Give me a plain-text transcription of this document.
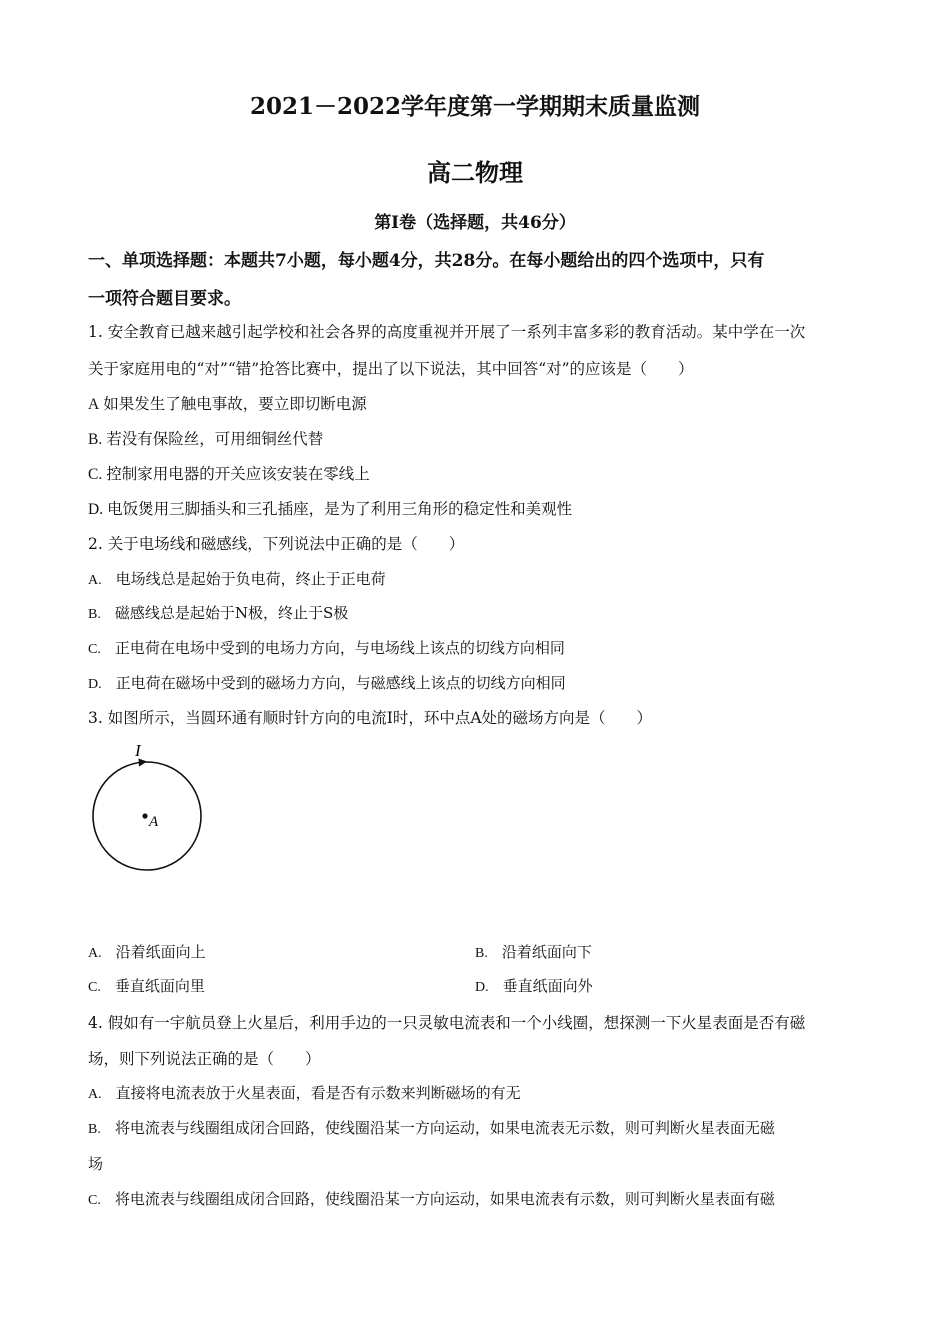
2021－2022学年度第一学期期末质量监测
高二物理
第I卷（选择题，共46分）
一、单项选择题：本题共7小题，每小题4分，共28分。在每小题给出的四个选项中，只有
一项符合题目要求。
1. 安全教育已越来越引起学校和社会各界的高度重视并开展了一系列丰富多彩的教育活动。某中学在一次
关于家庭用电的“对”“错”抢答比赛中，提出了以下说法，其中回答“对”的应该是（　　）
A 如果发生了触电事故，要立即切断电源
B. 若没有保险丝，可用细铜丝代替
C. 控制家用电器的开关应该安装在零线上
D. 电饭煲用三脚插头和三孔插座，是为了利用三角形的稳定性和美观性
2. 关于电场线和磁感线，下列说法中正确的是（　　）
A. 电场线总是起始于负电荷，终止于正电荷
B. 磁感线总是起始于N极，终止于S极
C. 正电荷在电场中受到的电场力方向，与电场线上该点的切线方向相同
D. 正电荷在磁场中受到的磁场力方向，与磁感线上该点的切线方向相同
3. 如图所示，当圆环通有顺时针方向的电流I时，环中点A处的磁场方向是（　　）
I
A
A. 沿着纸面向上	B. 沿着纸面向下
C. 垂直纸面向里	D. 垂直纸面向外
4. 假如有一宇航员登上火星后，利用手边的一只灵敏电流表和一个小线圈，想探测一下火星表面是否有磁
场，则下列说法正确的是（　　）
A. 直接将电流表放于火星表面，看是否有示数来判断磁场的有无
B. 将电流表与线圈组成闭合回路，使线圈沿某一方向运动，如果电流表无示数，则可判断火星表面无磁
场
C. 将电流表与线圈组成闭合回路，使线圈沿某一方向运动，如果电流表有示数，则可判断火星表面有磁
